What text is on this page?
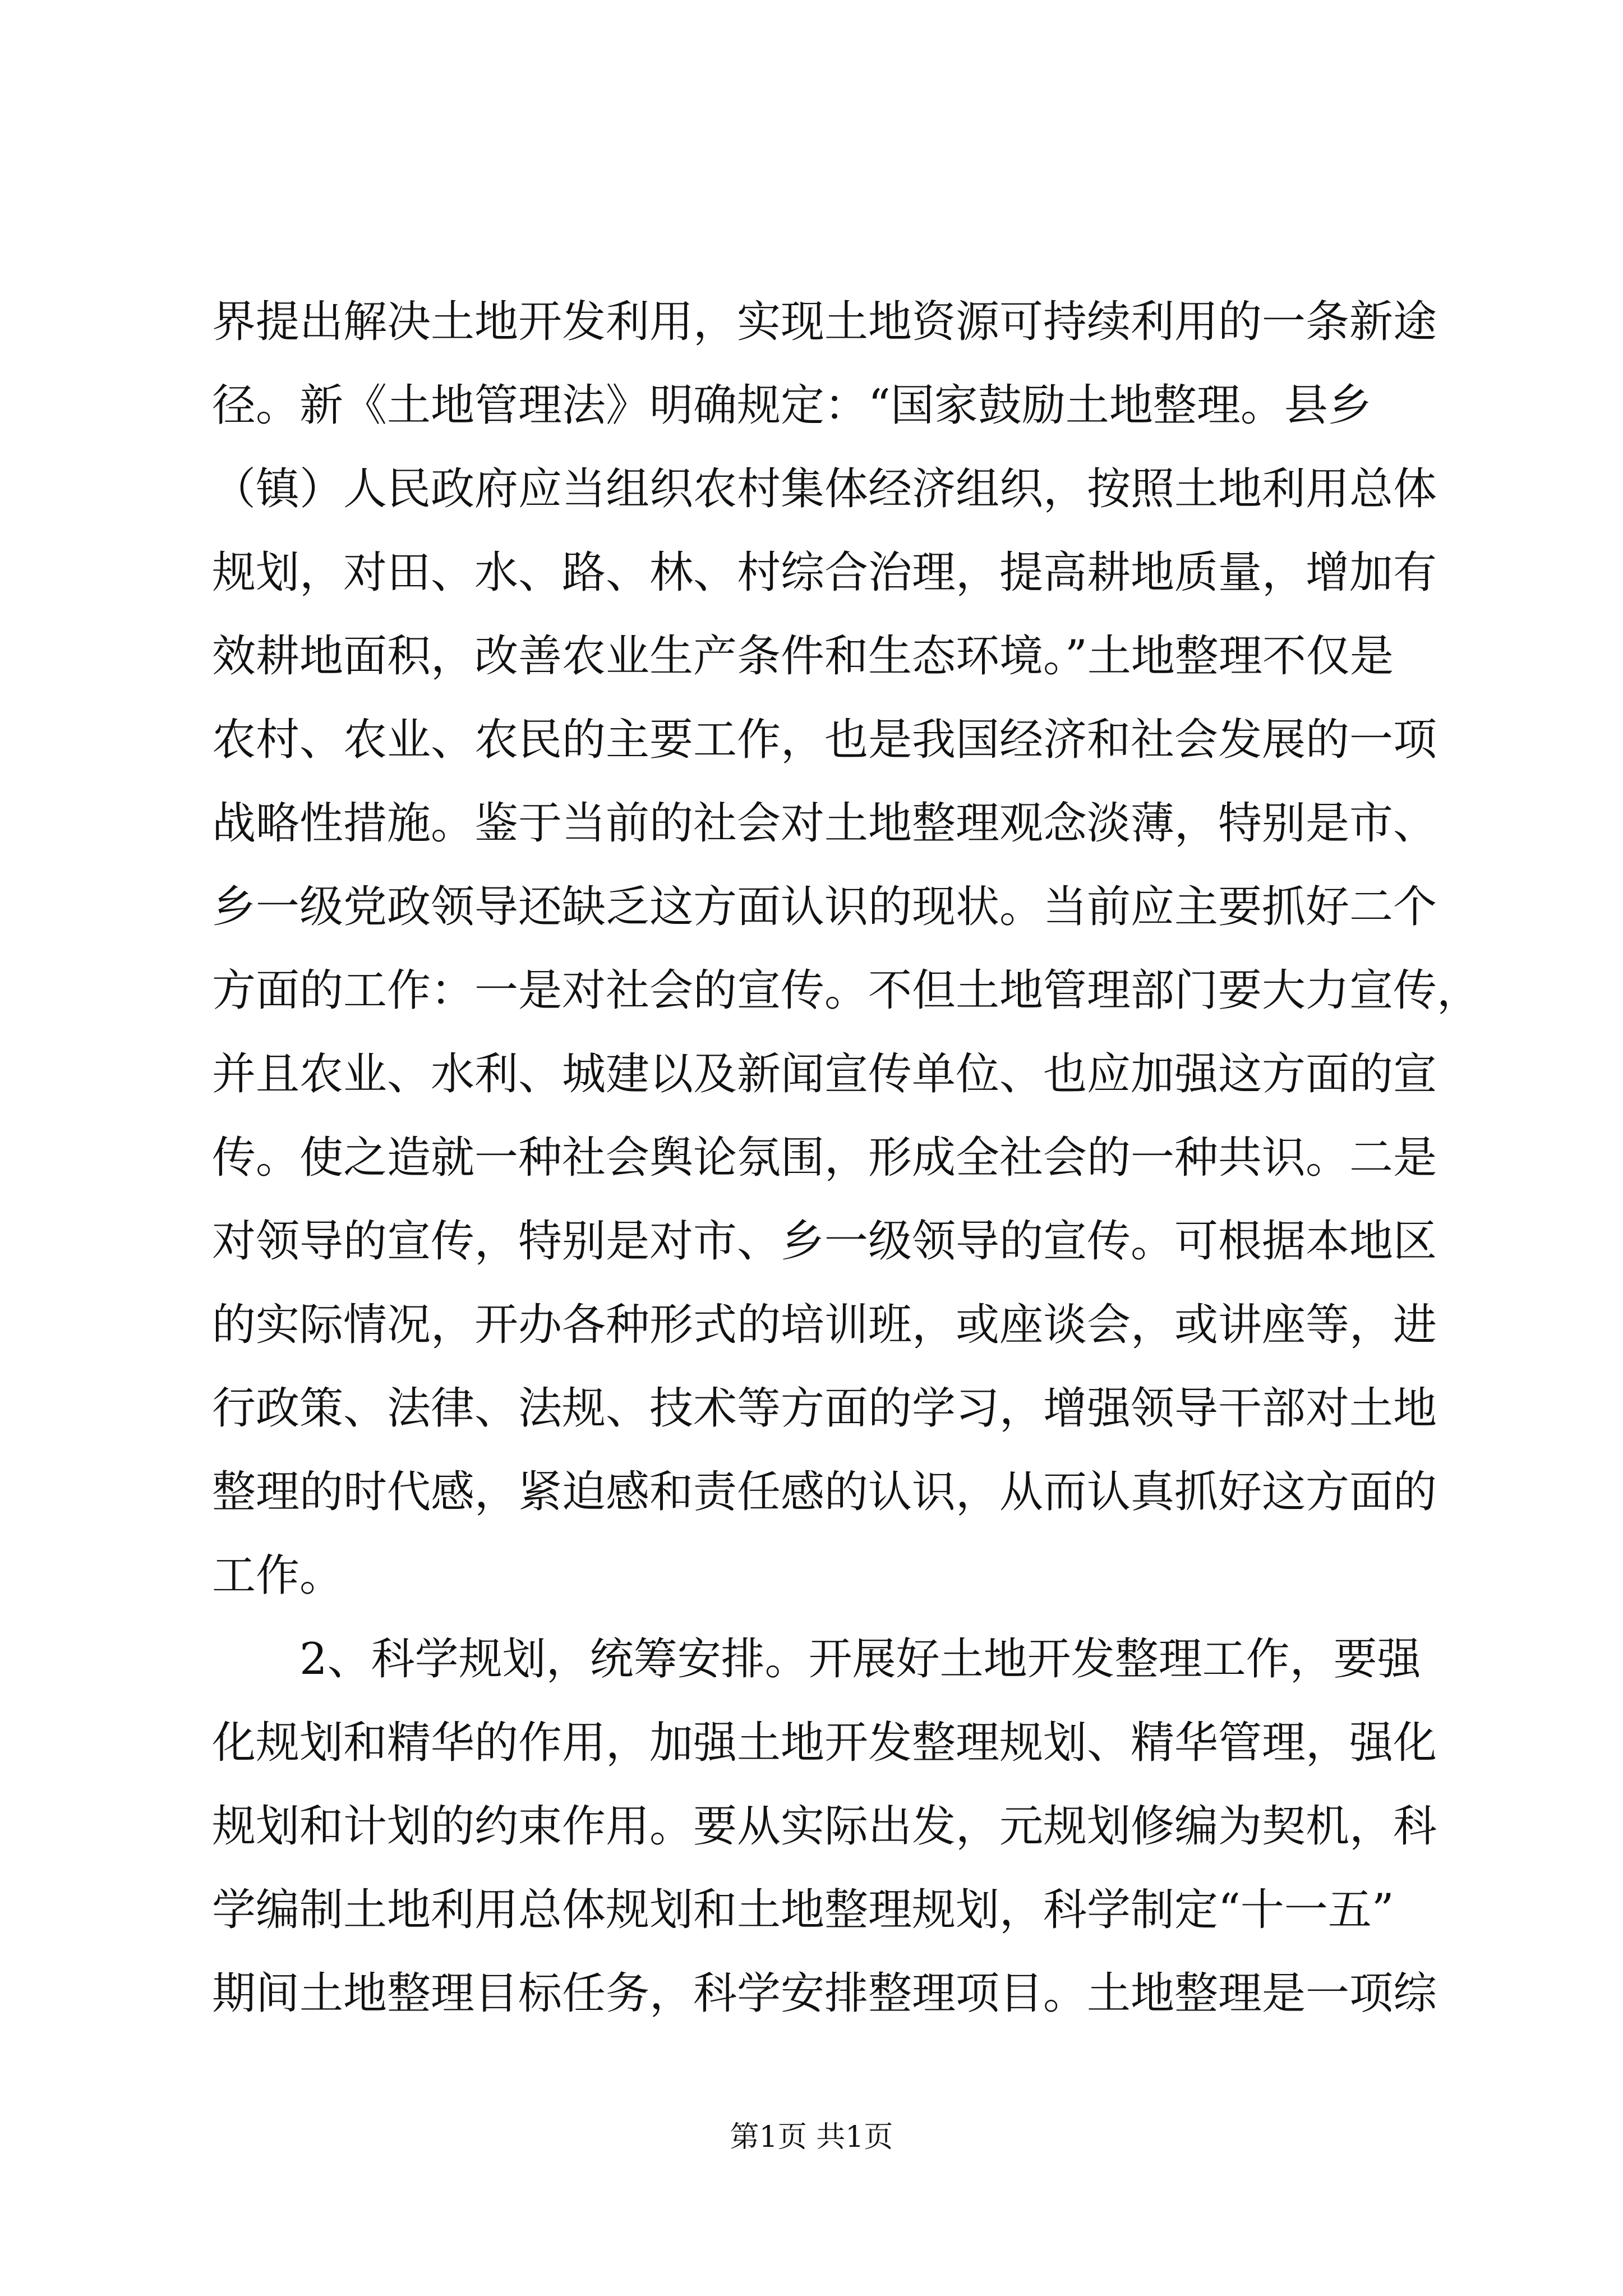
界提出解决土地开发利用，实现土地资源可持续利用的一条新途
径。新《土地管理法》明确规定：“国家鼓励土地整理。县乡
（镇）人民政府应当组织农村集体经济组织，按照土地利用总体
规划，对田、水、路、林、村综合治理，提高耕地质量，增加有
效耕地面积，改善农业生产条件和生态环境。”土地整理不仅是
农村、农业、农民的主要工作，也是我国经济和社会发展的一项
战略性措施。鉴于当前的社会对土地整理观念淡薄，特别是市、
乡一级党政领导还缺乏这方面认识的现状。当前应主要抓好二个
方面的工作：一是对社会的宣传。不但土地管理部门要大力宣传，
并且农业、水利、城建以及新闻宣传单位、也应加强这方面的宣
传。使之造就一种社会舆论氛围，形成全社会的一种共识。二是
对领导的宣传，特别是对市、乡一级领导的宣传。可根据本地区
的实际情况，开办各种形式的培训班，或座谈会，或讲座等，进
行政策、法律、法规、技术等方面的学习，增强领导干部对土地
整理的时代感，紧迫感和责任感的认识，从而认真抓好这方面的
工作。
　　2、科学规划，统筹安排。开展好土地开发整理工作，要强
化规划和精华的作用，加强土地开发整理规划、精华管理，强化
规划和计划的约束作用。要从实际出发，元规划修编为契机，科
学编制土地利用总体规划和土地整理规划，科学制定“十一五”
期间土地整理目标任务，科学安排整理项目。土地整理是一项综
第1页 共1页
